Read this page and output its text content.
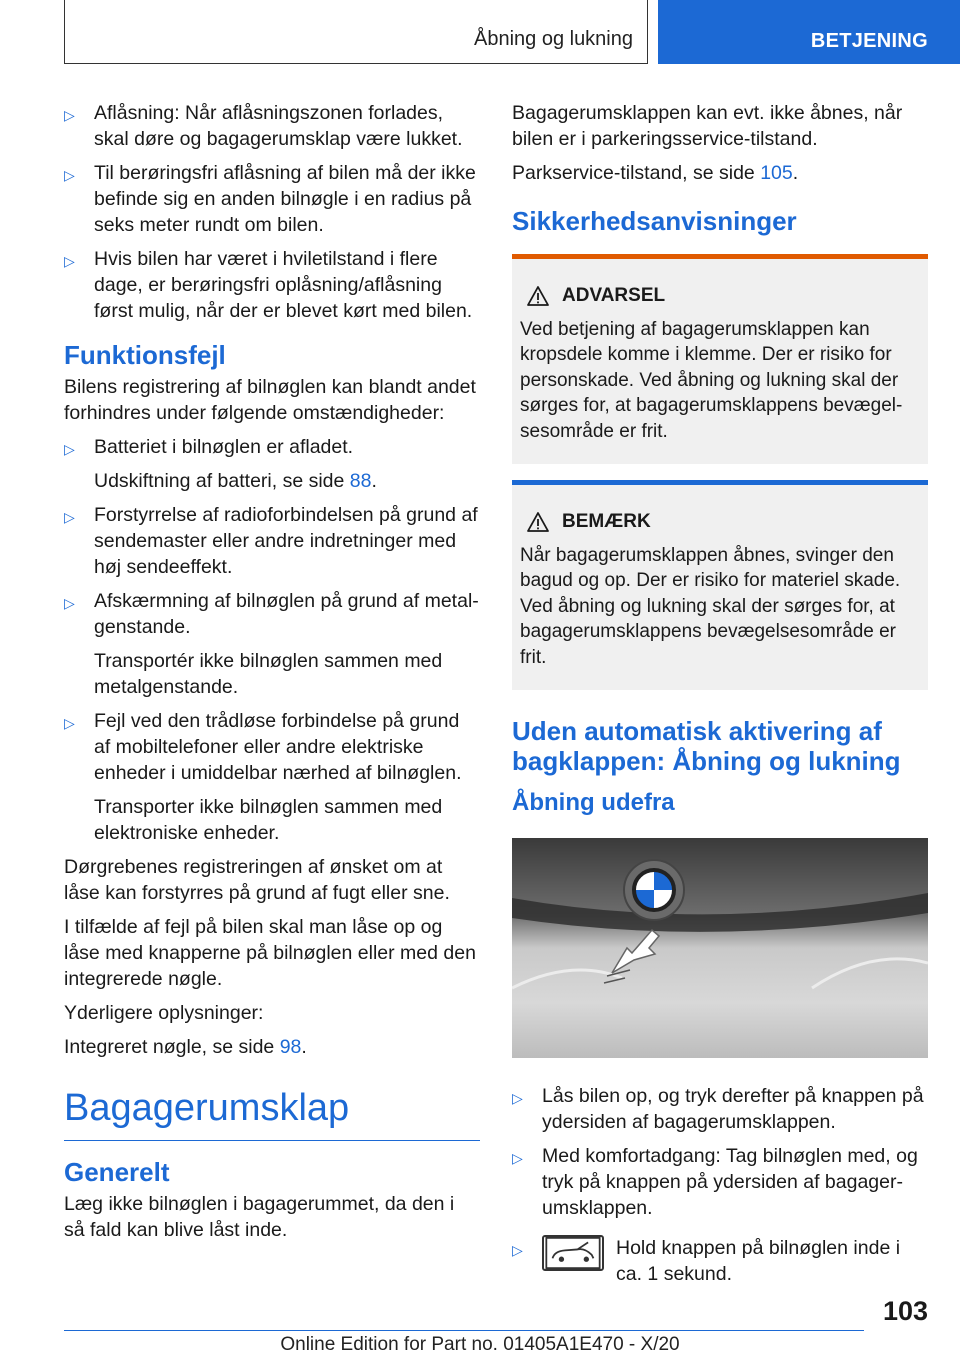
Åbning og lukning	BETJENING
▷ Aflåsning: Når aflåsningszonen forlades, skal døre og bagagerumsklap være lukket.
▷ Til berøringsfri aflåsning af bilen må der ikke befinde sig en anden bilnøgle i en radius på seks meter rundt om bilen.
▷ Hvis bilen har været i hviletilstand i flere dage, er berøringsfri oplåsning/aflåsning først mulig, når der er blevet kørt med bilen.
Funktionsfejl

Bilens registrering af bilnøglen kan blandt andet forhindres under følgende omstændigheder:

▷ Batteriet i bilnøglen er afladet.
Udskiftning af batteri, se side 88.
▷ Forstyrrelse af radioforbindelsen på grund af sendemaster eller andre indretninger med høj sendeeffekt.
▷ Afskærmning af bilnøglen på grund af metalgenstande.
Transportér ikke bilnøglen sammen med metalgenstande.
▷ Fejl ved den trådløse forbindelse på grund af mobiltelefoner eller andre elektriske enheder i umiddelbar nærhed af bilnøglen.
Transporter ikke bilnøglen sammen med elektroniske enheder.

Dørgrebenes registreringen af ønsket om at låse kan forstyrres på grund af fugt eller sne.

I tilfælde af fejl på bilen skal man låse op og låse med knapperne på bilnøglen eller med den integrerede nøgle.

Yderligere oplysninger:

Integreret nøgle, se side 98.

Bagagerumsklap
Generelt

Læg ikke bilnøglen i bagagerummet, da den i så fald kan blive låst inde.

Bagagerumsklappen kan evt. ikke åbnes, når bilen er i parkeringsservice-tilstand.

Parkservice-tilstand, se side 105.

Sikkerhedsanvisninger
ADVARSEL
Ved betjening af bagagerumsklappen kan kropsdele komme i klemme. Der er risiko for personskade. Ved åbning og lukning skal der sørges for, at bagagerumsklappens bevægelsesområde er frit.
BEMÆRK
Når bagagerumsklappen åbnes, svinger den bagud og op. Der er risiko for materiel skade. Ved åbning og lukning skal der sørges for, at bagagerumsklappens bevægelsesområde er frit.
Uden automatisk aktivering af bagklappen: Åbning og lukning
Åbning udefra
▷ Lås bilen op, og tryk derefter på knappen på ydersiden af bagagerumsklappen.
▷ Med komfortadgang: Tag bilnøglen med, og tryk på knappen på ydersiden af bagagerumsklappen.
▷	Hold knappen på bilnøglen inde i ca. 1 sekund.
103
Online Edition for Part no. 01405A1E470 - X/20
